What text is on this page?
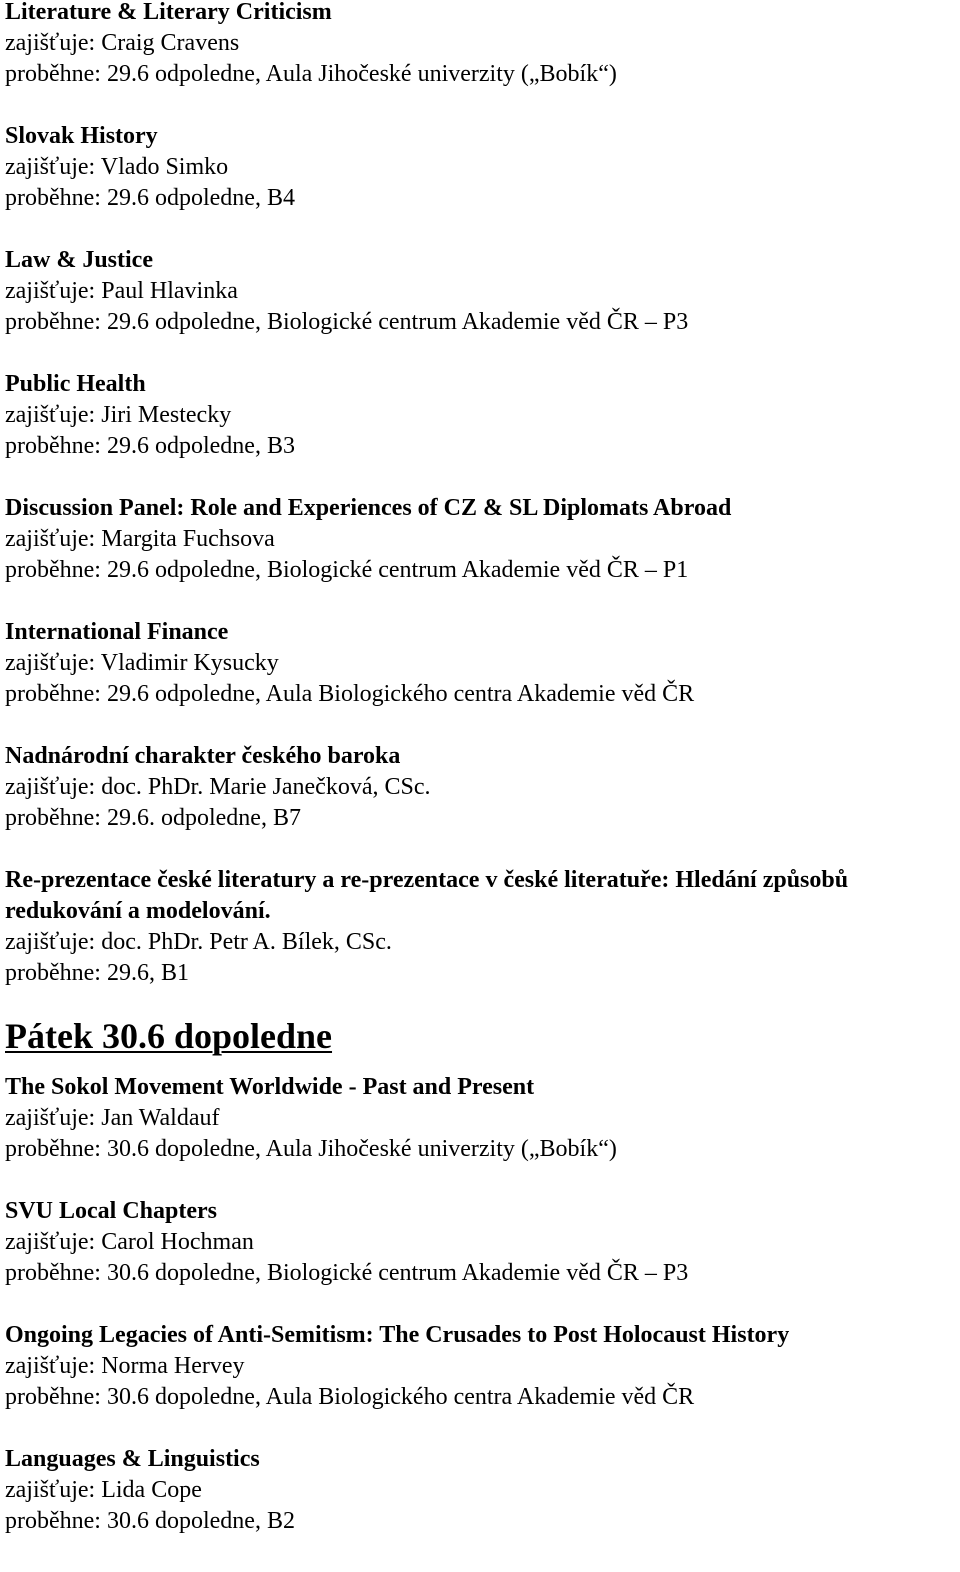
Literature & Literary Criticism

zajišťuje: Craig Cravens

proběhne: 29.6 odpoledne, Aula Jihočeské univerzity („Bobík“)

Slovak History

zajišťuje: Vlado Simko

proběhne: 29.6 odpoledne, B4

Law & Justice

zajišťuje: Paul Hlavinka

proběhne: 29.6 odpoledne, Biologické centrum Akademie věd ČR – P3

Public Health

zajišťuje: Jiri Mestecky

proběhne: 29.6 odpoledne, B3

Discussion Panel: Role and Experiences of CZ & SL Diplomats Abroad

zajišťuje: Margita Fuchsova

proběhne: 29.6 odpoledne, Biologické centrum Akademie věd ČR – P1

International Finance

zajišťuje: Vladimir Kysucky

proběhne: 29.6 odpoledne, Aula Biologického centra Akademie věd ČR

Nadnárodní charakter českého baroka

zajišťuje: doc. PhDr. Marie Janečková, CSc.

proběhne: 29.6. odpoledne, B7

Re-prezentace české literatury a re-prezentace v české literatuře: Hledání způsobů redukování a modelování.

zajišťuje: doc. PhDr. Petr A. Bílek, CSc.

proběhne: 29.6, B1

Pátek 30.6 dopoledne

The Sokol Movement Worldwide - Past and Present

zajišťuje: Jan Waldauf

proběhne: 30.6 dopoledne, Aula Jihočeské univerzity („Bobík“)

SVU Local Chapters

zajišťuje: Carol Hochman

proběhne: 30.6 dopoledne, Biologické centrum Akademie věd ČR – P3

Ongoing Legacies of Anti-Semitism: The Crusades to Post Holocaust History

zajišťuje: Norma Hervey

proběhne: 30.6 dopoledne, Aula Biologického centra Akademie věd ČR

Languages & Linguistics

zajišťuje: Lida Cope

proběhne: 30.6 dopoledne, B2
